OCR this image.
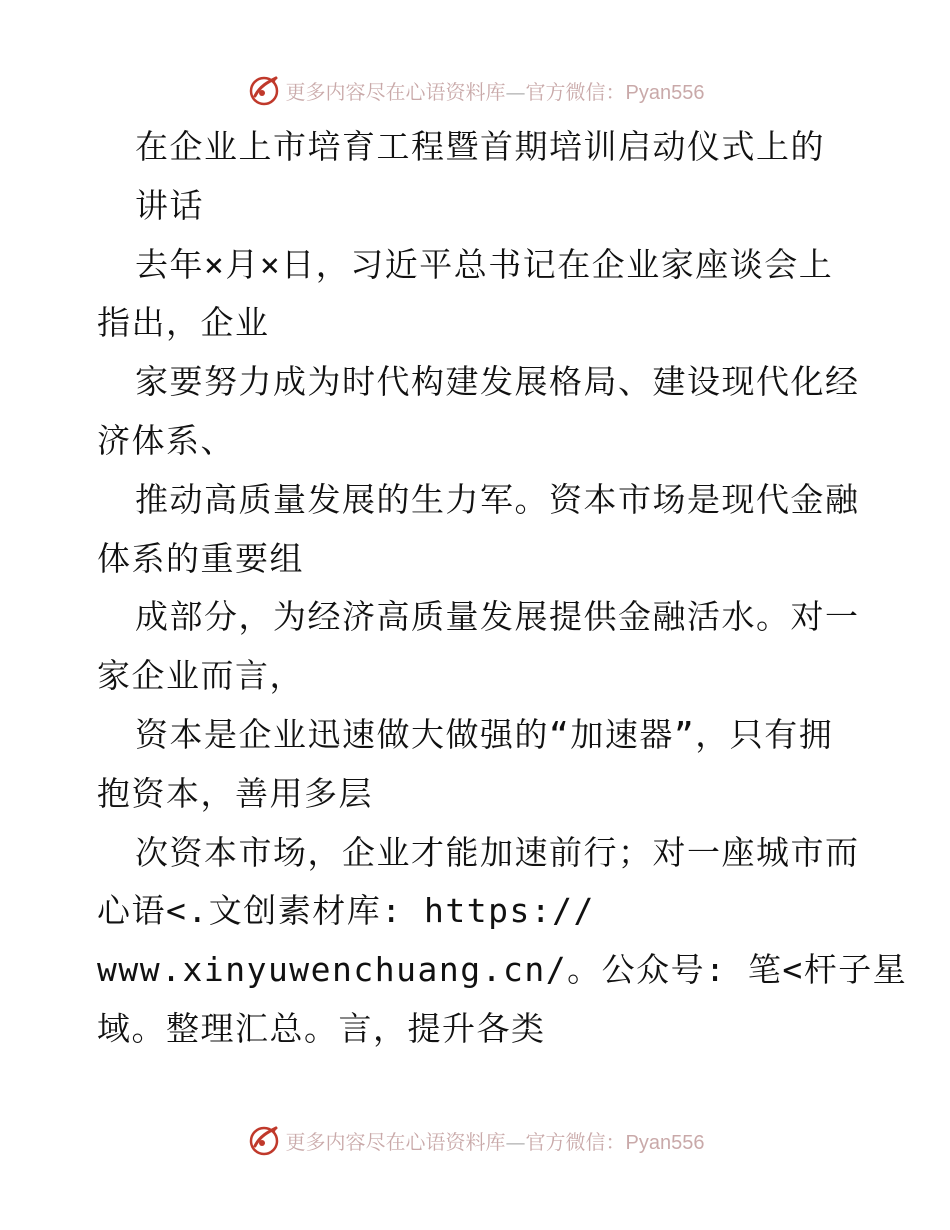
更多内容尽在心语资料库—官方微信：Pyan556
在企业上市培育工程暨首期培训启动仪式上的
讲话
去年×月×日，习近平总书记在企业家座谈会上
指出，企业
家要努力成为时代构建发展格局、建设现代化经
济体系、
推动高质量发展的生力军。资本市场是现代金融
体系的重要组
成部分，为经济高质量发展提供金融活水。对一
家企业而言，
资本是企业迅速做大做强的“加速器”，只有拥
抱资本，善用多层
次资本市场，企业才能加速前行；对一座城市而
心语<.文创素材库: https://
www.xinyuwenchuang.cn/。公众号: 笔<杆子星
域。整理汇总。言，提升各类
更多内容尽在心语资料库—官方微信：Pyan556
